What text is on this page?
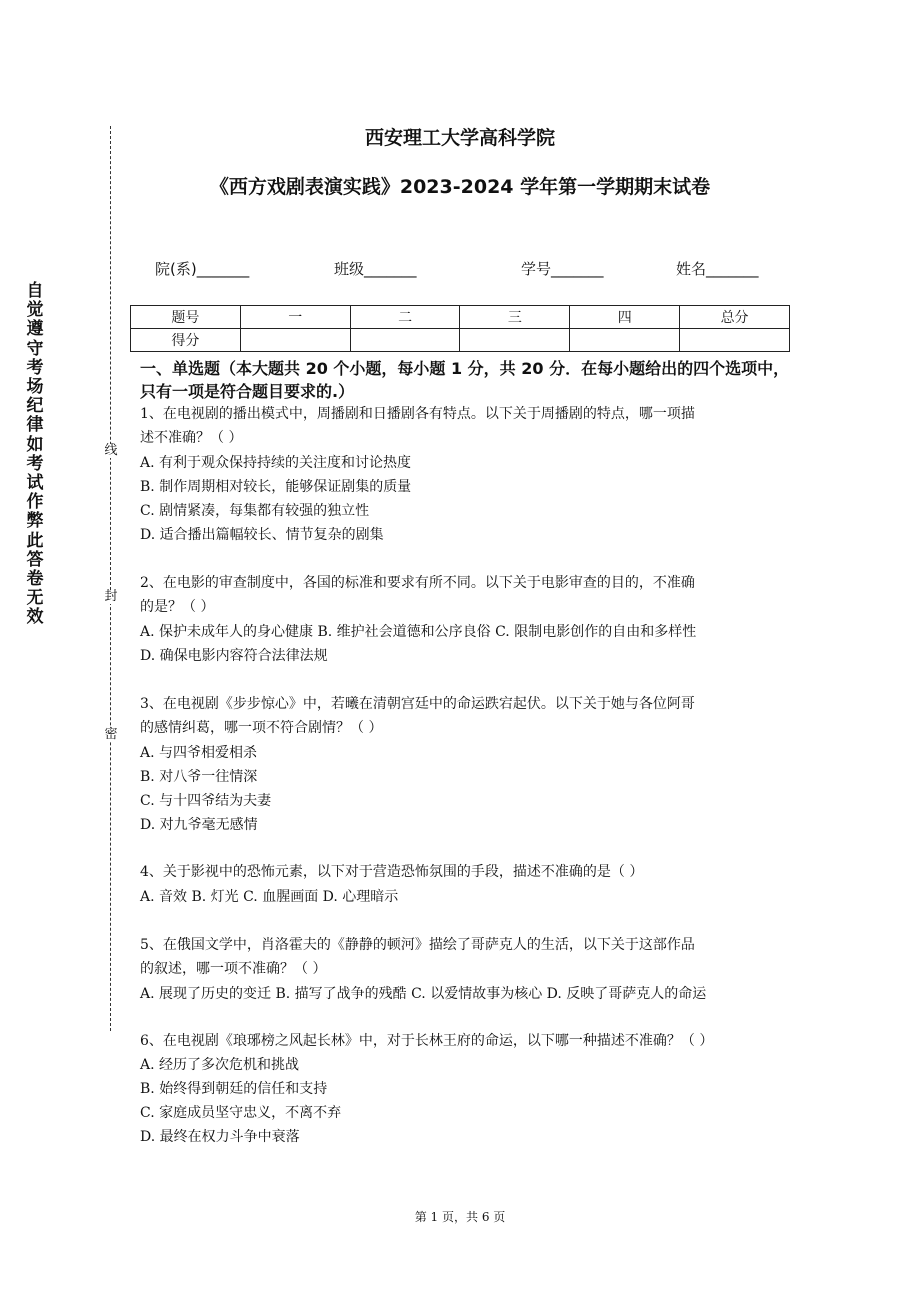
线
封
密
自觉遵守考场纪律如考试作弊此答卷无效
西安理工大学高科学院
《西方戏剧表演实践》2023-2024 学年第一学期期末试卷
院(系)_______	班级_______	学号_______	姓名_______
题号	一	二	三	四	总分
得分					
一、单选题（本大题共 20 个小题，每小题 1 分，共 20 分．在每小题给出的四个选项中，只有一项是符合题目要求的.）
1、在电视剧的播出模式中，周播剧和日播剧各有特点。以下关于周播剧的特点，哪一项描
述不准确？（ ）
A. 有利于观众保持持续的关注度和讨论热度
B. 制作周期相对较长，能够保证剧集的质量
C. 剧情紧凑，每集都有较强的独立性
D. 适合播出篇幅较长、情节复杂的剧集
2、在电影的审查制度中，各国的标准和要求有所不同。以下关于电影审查的目的，不准确
的是？（ ）
A. 保护未成年人的身心健康 B. 维护社会道德和公序良俗 C. 限制电影创作的自由和多样性
D. 确保电影内容符合法律法规
3、在电视剧《步步惊心》中，若曦在清朝宫廷中的命运跌宕起伏。以下关于她与各位阿哥
的感情纠葛，哪一项不符合剧情？（ ）
A. 与四爷相爱相杀
B. 对八爷一往情深
C. 与十四爷结为夫妻
D. 对九爷毫无感情
4、关于影视中的恐怖元素，以下对于营造恐怖氛围的手段，描述不准确的是（ ）
A. 音效 B. 灯光 C. 血腥画面 D. 心理暗示
5、在俄国文学中，肖洛霍夫的《静静的顿河》描绘了哥萨克人的生活，以下关于这部作品
的叙述，哪一项不准确？（ ）
A. 展现了历史的变迁 B. 描写了战争的残酷 C. 以爱情故事为核心 D. 反映了哥萨克人的命运
6、在电视剧《琅琊榜之风起长林》中，对于长林王府的命运，以下哪一种描述不准确？（ ）
A. 经历了多次危机和挑战
B. 始终得到朝廷的信任和支持
C. 家庭成员坚守忠义，不离不弃
D. 最终在权力斗争中衰落
第 1 页，共 6 页
